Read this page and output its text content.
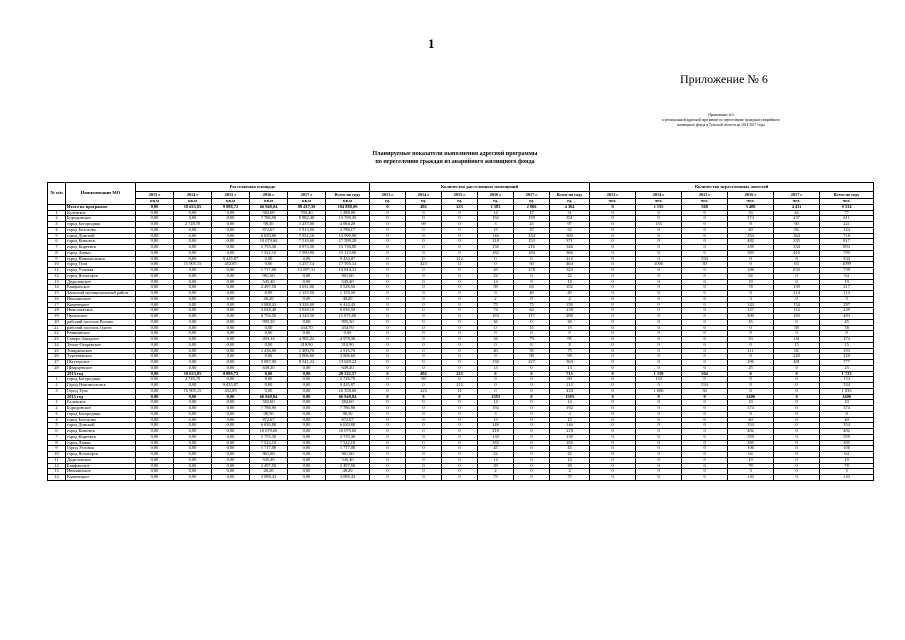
1
Приложение № 6
Приложение №3
к региональной адресной программе по переселению граждан из аварийного
жилищного фонда в Тульской области на 2013-2017 годы
Планируемые показатели выполнения адресной программы
по переселению граждан из аварийного жилищного фонда
№ п/п	Наименование МО	Расселяемая площадь						Количество расселенных помещений						Количество переселенных жителей					
		2013 г	2014 г	2015 г	2016 г	2017 г	Всего по году	2013 г	2014 г	2015 г	2016 г	2017 г	Всего по году	2013 г	2014 г	2015 г	2016 г	2017 г	Всего по году
		кв.м	кв.м	кв.м	кв.м	кв.м	кв.м	ед.	ед.	ед.	ед.	ед.	ед.	чел.	чел.	чел.	чел.	чел.	чел.
	Итого по программе	0,00	18 633,85	9 888,72	66 948,04	89 417,39	184 888,00	0	492	223	1 583	2 066	4 364	0	1 155	568	3 400	4 411	9 534
1	Белевское	0,00	0,00	0,00	582,60	705,40	1 288,00	0	0	0	14	17	31	0	0	0	33	44	77
2	Бородинское	0,00	0,00	0,00	7 786,90	5 982,40	13 769,30	0	0	0	192	159	351	0	0	0	374	237	611
3	город Богородицк	0,00	2 728,70	0,00	98,50	1 237,00	4 064,20	0	69	0	3	25	97	0	153	0	8	60	221
4	город Болохово	0,00	0,00	0,00	872,67	1 913,50	2 786,17	0	0	0	15	37	52	0	0	0	40	84	124
5	город Донской	0,00	0,00	0,00	6 639,80	7 351,10	13 990,90	0	0	0	146	154	300	0	0	0	354	364	718
6	город Кимовск	0,00	0,00	0,00	10 079,60	7 519,60	17 599,20	0	0	0	218	153	371	0	0	0	482	335	817
7	город Киреевск	0,00	0,00	0,00	5 755,30	9 975,50	15 730,80	0	0	0	130	216	346	0	0	0	359	534	893
8	город Липки	0,00	0,00	0,00	7 522,10	7 590,90	15 113,00	0	0	0	182	184	366	0	0	0	385	410	795
9	город Новомосковск	0,00	0,00	9 435,87	0,00	0,00	9 435,87	0	0	212	0	0	212	0	0	534	0	0	534
10	город Тула	0,00	15 905,15	452,85	0,00	1 237,14	17 595,14	0	423	11	0	30	464	0	1006	30	0	63	1099
11	город Узловая	0,00	0,00	0,00	1 717,00	13 097,31	14 814,31	0	0	0	45	278	323	0	0	0	106	633	739
12	город Ясногорск	0,00	0,00	0,00	961,60	0,00	961,60	0	0	0	22	0	22	0	0	0	64	0	64
13	Дедиловское	0,00	0,00	0,00	545,40	0,00	545,40	0	0	0	14	0	14	0	0	0	19	0	19
14	Епифанское	0,00	0,00	0,00	2 497,50	3 031,00	5 528,50	0	0	0	39	63	102	0	0	0	78	139	217
15	Заокский муниципальный район	0,00	0,00	0,00	0,00	1 153,50	1 153,50	0	0	0	0	40	40	0	0	0	0	114	114
16	Иньшинское	0,00	0,00	0,00	40,20	0,00	40,20	0	0	0	2	0	2	0	0	0	3	0	3
17	Каменецкое	0,00	0,00	0,00	3 088,43	3 326,00	6 414,43	0	0	0	75	75	150	0	0	0	143	154	297
18	Николаевское	0,00	0,00	0,00	3 028,40	3 028,10	6 056,50	0	0	0	74	64	138	0	0	0	127	112	239
19	Приупское	0,00	0,00	0,00	6 754,50	4 320,50	11 075,00	0	0	0	163	117	280	0	0	0	300	183	483
20	рабочий поселок Волово	0,00	0,00	0,00	995,30	0,00	995,30	0	0	0	36	0	36	0	0	0	45	0	45
21	рабочий поселок Одоев	0,00	0,00	0,00	0,00	434,70	434,70	0	0	0	0	15	15	0	0	0	0	58	58
22	Ревякинское	0,00	0,00	0,00	0,00	0,00	0,00	0	0	0	0	0	0	0	0	0	0	0	0
23	Северо-Западное	0,00	0,00	0,00	493,14	4 585,22	4 978,36	0	0	0	16	79	95	0	0	0	33	141	174
24	Тепло-Огаревское	0,00	0,00	0,00	0,00	318,90	318,90	0	0	0	0	8	8	0	0	0	0	15	15
25	Товарковское	0,00	0,00	0,00	1 436,00	1 480,70	2 916,70	0	0	0	40	35	75	0	0	0	111	82	193
26	Тургеневское	0,00	0,00	0,00	0,00	3 906,60	3 906,60	0	0	0	0	98	98	0	0	0	0	220	220
27	Шахтерское	0,00	0,00	0,00	5 087,00	8 541,22	13 628,22	0	0	0	136	227	363	0	0	0	296	481	777
28	Шварцевское	0,00	0,00	0,00	649,20	0,00	649,20	0	0	0	13	0	13	0	0	0	25	0	25
	2013 год	0,00	18 633,85	9 888,72	0,00	0,00	28 522,57	0	492	223	0	0	715	0	1 159	564	0	0	1 723
1	город Богородицк	0,00	2 728,70	0,00	0,00	0,00	2 728,70	0	69	0	0	0	69	0	153	0	0	0	153
2	Город Новомосковск	0,00	0,00	9 435,87	0,00	0,00	9 435,87	0	0	212	0	0	212	0	0	534	0	0	534
3	Город Тула	0,00	15 905,15	452,85	0,00	0,00	16 358,00	0	423	11	0	0	434	0	1 006	30	0	0	1 036
	2015 год	0,00	0,00	0,00	66 948,04	0,00	66 948,04	0	0	0	1583	0	1583	0	0	0	3400	0	3400
1	Белевское	0,00	0,00	0,00	582,60	0,00	582,60	0	0	0	14	0	14	0	0	0	33	0	33
2	Бородинское	0,00	0,00	0,00	7 786,90	0,00	7 786,90	0	0	0	192	0	192	0	0	0	374	0	374
3	город Богородицк	0,00	0,00	0,00	98,50	0,00	98,50	0	0	0	3	0	3	0	0	0	8	0	8
4	город Болохово	0,00	0,00	0,00	872,67	0,00	872,67	0	0	0	15	0	15	0	0	0	40	0	40
5	город Донской	0,00	0,00	0,00	6 639,80	0,00	6 639,80	0	0	0	146	0	146	0	0	0	354	0	354
6	город Кимовск	0,00	0,00	0,00	10 079,60	0,00	10 079,60	0	0	0	218	0	218	0	0	0	482	0	482
7	город Киреевск	0,00	0,00	0,00	5 755,30	0,00	5 755,30	0	0	0	130	0	130	0	0	0	359	0	359
8	город Липки	0,00	0,00	0,00	7 522,10	0,00	7 522,10	0	0	0	182	0	182	0	0	0	385	0	385
9	Город Узловая	0,00	0,00	0,00	1 717,00	0,00	1 717,00	0	0	0	45	0	45	0	0	0	106	0	106
10	город Ясногорск	0,00	0,00	0,00	961,60	0,00	961,60	0	0	0	22	0	22	0	0	0	64	0	64
11	Дедиловское	0,00	0,00	0,00	545,40	0,00	545,40	0	0	0	14	0	14	0	0	0	19	0	19
12	Епифанское	0,00	0,00	0,00	2 497,50	0,00	2 497,50	0	0	0	39	0	39	0	0	0	78	0	78
13	Иньшинское	0,00	0,00	0,00	40,20	0,00	40,20	0	0	0	2	0	2	0	0	0	3	0	3
14	Каменецкое	0,00	0,00	0,00	3 088,43	0,00	3 088,43	0	0	0	75	0	75	0	0	0	143	0	143
